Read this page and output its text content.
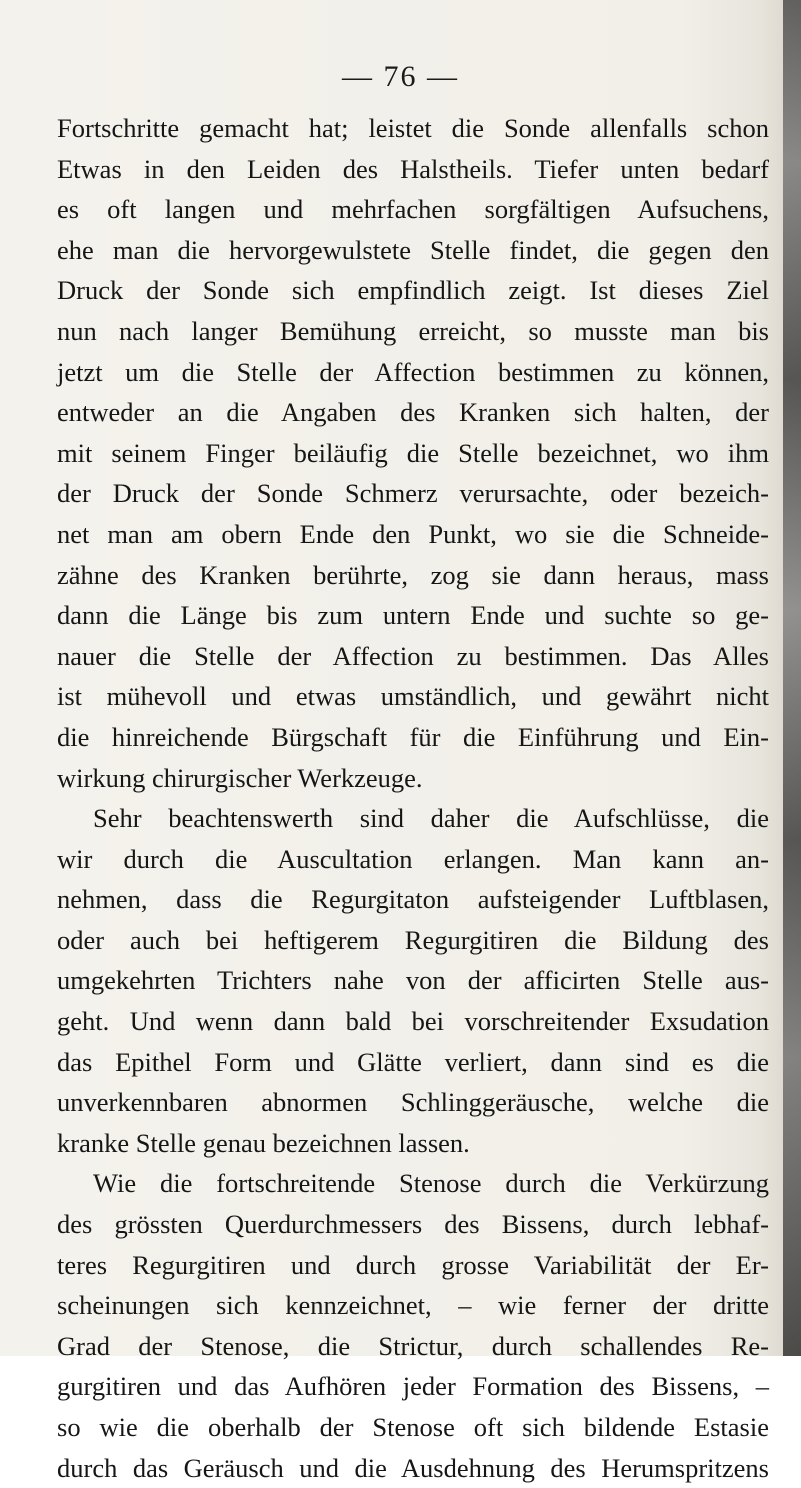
— 76 —
Fortschritte gemacht hat; leistet die Sonde allenfalls schon
Etwas in den Leiden des Halstheils. Tiefer unten bedarf
es oft langen und mehrfachen sorgfältigen Aufsuchens,
ehe man die hervorgewulstete Stelle findet, die gegen den
Druck der Sonde sich empfindlich zeigt. Ist dieses Ziel
nun nach langer Bemühung erreicht, so musste man bis
jetzt um die Stelle der Affection bestimmen zu können,
entweder an die Angaben des Kranken sich halten, der
mit seinem Finger beiläufig die Stelle bezeichnet, wo ihm
der Druck der Sonde Schmerz verursachte, oder bezeich-
net man am obern Ende den Punkt, wo sie die Schneide-
zähne des Kranken berührte, zog sie dann heraus, mass
dann die Länge bis zum untern Ende und suchte so ge-
nauer die Stelle der Affection zu bestimmen. Das Alles
ist mühevoll und etwas umständlich, und gewährt nicht
die hinreichende Bürgschaft für die Einführung und Ein-
wirkung chirurgischer Werkzeuge.
Sehr beachtenswerth sind daher die Aufschlüsse, die
wir durch die Auscultation erlangen. Man kann an-
nehmen, dass die Regurgitaton aufsteigender Luftblasen,
oder auch bei heftigerem Regurgitiren die Bildung des
umgekehrten Trichters nahe von der afficirten Stelle aus-
geht. Und wenn dann bald bei vorschreitender Exsudation
das Epithel Form und Glätte verliert, dann sind es die
unverkennbaren abnormen Schlinggeräusche, welche die
kranke Stelle genau bezeichnen lassen.
Wie die fortschreitende Stenose durch die Verkürzung
des grössten Querdurchmessers des Bissens, durch lebhaf-
teres Regurgitiren und durch grosse Variabilität der Er-
scheinungen sich kennzeichnet, – wie ferner der dritte
Grad der Stenose, die Strictur, durch schallendes Re-
gurgitiren und das Aufhören jeder Formation des Bissens, –
so wie die oberhalb der Stenose oft sich bildende Estasie
durch das Geräusch und die Ausdehnung des Herumspritzens
